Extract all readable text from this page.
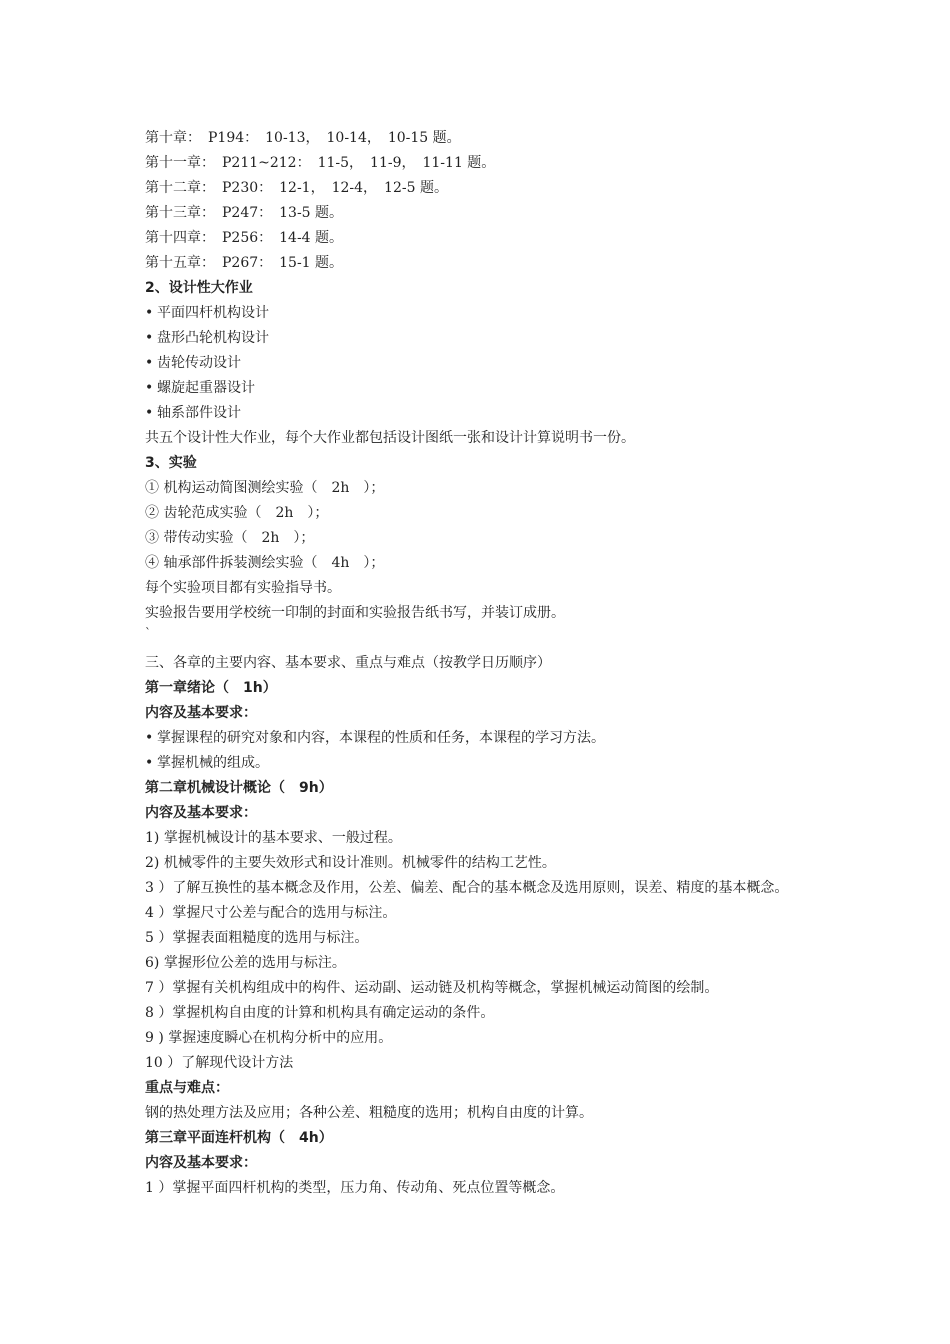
第十章：　P194：　10-13，　10-14，　10-15 题。
第十一章：　P211~212：　11-5，　11-9，　11-11 题。
第十二章：　P230：　12-1，　12-4，　12-5 题。
第十三章：　P247：　13-5 题。
第十四章：　P256：　14-4 题。
第十五章：　P267：　15-1 题。
2、设计性大作业
• 平面四杆机构设计
• 盘形凸轮机构设计
• 齿轮传动设计
• 螺旋起重器设计
• 轴系部件设计
共五个设计性大作业，每个大作业都包括设计图纸一张和设计计算说明书一份。
3、实验
① 机构运动简图测绘实验（　2h　）；
② 齿轮范成实验（　2h　）；
③ 带传动实验（　2h　）；
④ 轴承部件拆装测绘实验（　4h　）；
每个实验项目都有实验指导书。
实验报告要用学校统一印制的封面和实验报告纸书写，并装订成册。
`
三、各章的主要内容、基本要求、重点与难点（按教学日历顺序）
第一章绪论（　1h）
内容及基本要求：
• 掌握课程的研究对象和内容，本课程的性质和任务，本课程的学习方法。
• 掌握机械的组成。
第二章机械设计概论（　9h）
内容及基本要求：
1) 掌握机械设计的基本要求、一般过程。
2) 机械零件的主要失效形式和设计准则。机械零件的结构工艺性。
3 ）了解互换性的基本概念及作用，公差、偏差、配合的基本概念及选用原则，误差、精度的基本概念。
4 ）掌握尺寸公差与配合的选用与标注。
5 ）掌握表面粗糙度的选用与标注。
6) 掌握形位公差的选用与标注。
7 ）掌握有关机构组成中的构件、运动副、运动链及机构等概念，掌握机械运动简图的绘制。
8 ）掌握机构自由度的计算和机构具有确定运动的条件。
9 ) 掌握速度瞬心在机构分析中的应用。
10 ）了解现代设计方法
重点与难点：
钢的热处理方法及应用；各种公差、粗糙度的选用；机构自由度的计算。
第三章平面连杆机构（　4h）
内容及基本要求：
1 ）掌握平面四杆机构的类型，压力角、传动角、死点位置等概念。
